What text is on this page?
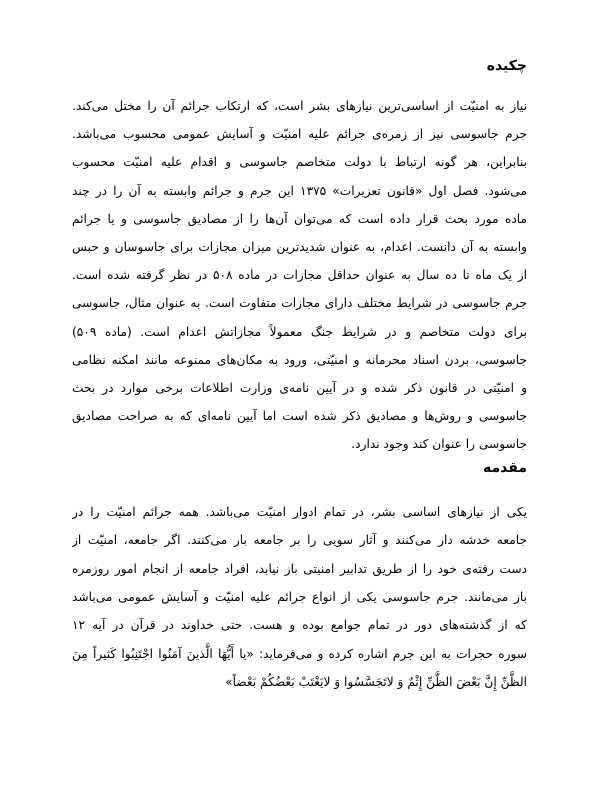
چکیده
نیاز به امنیّت از اساسی‌ترین نیازهای بشر است، که ارتکاب جرائم آن را مختل می‌کند.
جرم جاسوسی نیز از زمره‌ی جرائم علیه امنیّت و آسایش عمومی محسوب می‌باشد.
بنابراین، هر گونه ارتباط با دولت متخاصم جاسوسی و اقدام علیه امنیّت محسوب
می‌شود. فصل اول «قانون تعزیرات» ۱۳۷۵ این جرم و جرائم وابسته به آن را در چند
ماده مورد بحث قرار داده است که می‌توان آن‌ها را از مصادیق جاسوسی و یا جرائم
وابسته به آن دانست. اعدام، به عنوان شدیدترین میزان مجازات برای جاسوسان و حبس
از یک ماه تا ده سال به عنوان حداقل مجازات در ماده ۵۰۸ در نظر گرفته شده است.
جرم جاسوسی در شرایط مختلف دارای مجازات متفاوت است. به عنوان مثال، جاسوسی
برای دولت متخاصم و در شرایط جنگ معمولاً مجازاتش اعدام است. (ماده ۵۰۹)
جاسوسی، بردن اسناد محرمانه و امنیّتی، ورود به مکان‌های ممنوعه مانند امکنه نظامی
و امنیّتی در قانون ذکر شده و در آیین نامه‌ی وزارت اطلاعات برخی موارد در بحث
جاسوسی و روش‌ها و مصادیق ذکر شده است اما آیین نامه‌ای که به صراحت مصادیق
جاسوسی را عنوان کند وجود ندارد.
مقدمه
یکی از نیازهای اساسی بشر، در تمام ادوار امنیّت می‌باشد. همه جرائم امنیّت را در
جامعه خدشه دار می‌کنند و آثار سویی را بر جامعه بار می‌کنند. اگر جامعه، امنیّت از
دست رفته‌ی خود را از طریق تدابیر امنیتی باز نیابد، افراد جامعه از انجام امور روزمره
باز می‌مانند. جرم جاسوسی یکی از انواع جرائم علیه امنیّت و آسایش عمومی می‌باشد
که از گذشته‌های دور در تمام جوامع بوده و هست. حتی خداوند در قرآن در آیه ۱۲
سوره حجرات به این جرم اشاره کرده و می‌فرماید: «یا أَیُّهَا الَّذینَ آمَنُوا اجْتَنِبُوا کَثیراً مِنَ
الظَّنِّ إِنَّ بَعْضَ الظَّنِّ إِثْمٌ وَ لاتَجَسَّسُوا وَ لایَغْتَبْ بَعْضُکُمْ بَعْضاً»
